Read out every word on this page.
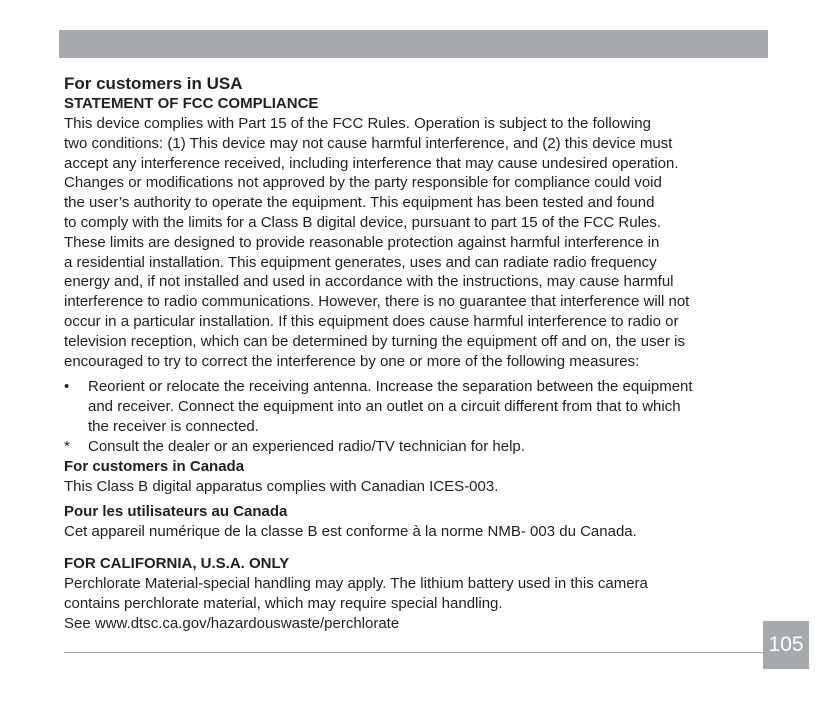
For customers in USA
STATEMENT OF FCC COMPLIANCE
This device complies with Part 15 of the FCC Rules. Operation is subject to the following
two conditions: (1) This device may not cause harmful interference, and (2) this device must
accept any interference received, including interference that may cause undesired operation.
Changes or modifications not approved by the party responsible for compliance could void
the user’s authority to operate the equipment. This equipment has been tested and found
to comply with the limits for a Class B digital device, pursuant to part 15 of the FCC Rules.
These limits are designed to provide reasonable protection against harmful interference in
a residential installation. This equipment generates, uses and can radiate radio frequency
energy and, if not installed and used in accordance with the instructions, may cause harmful
interference to radio communications. However, there is no guarantee that interference will not
occur in a particular installation. If this equipment does cause harmful interference to radio or
television reception, which can be determined by turning the equipment off and on, the user is
encouraged to try to correct the interference by one or more of the following measures:
•	Reorient or relocate the receiving antenna. Increase the separation between the equipment
and receiver. Connect the equipment into an outlet on a circuit different from that to which
the receiver is connected.
*	Consult the dealer or an experienced radio/TV technician for help.
For customers in Canada
This Class B digital apparatus complies with Canadian ICES-003.
Pour les utilisateurs au Canada
Cet appareil numérique de la classe B est conforme à la norme NMB- 003 du Canada.
FOR CALIFORNIA, U.S.A. ONLY
Perchlorate Material-special handling may apply. The lithium battery used in this camera
contains perchlorate material, which may require special handling.
See www.dtsc.ca.gov/hazardouswaste/perchlorate
105
